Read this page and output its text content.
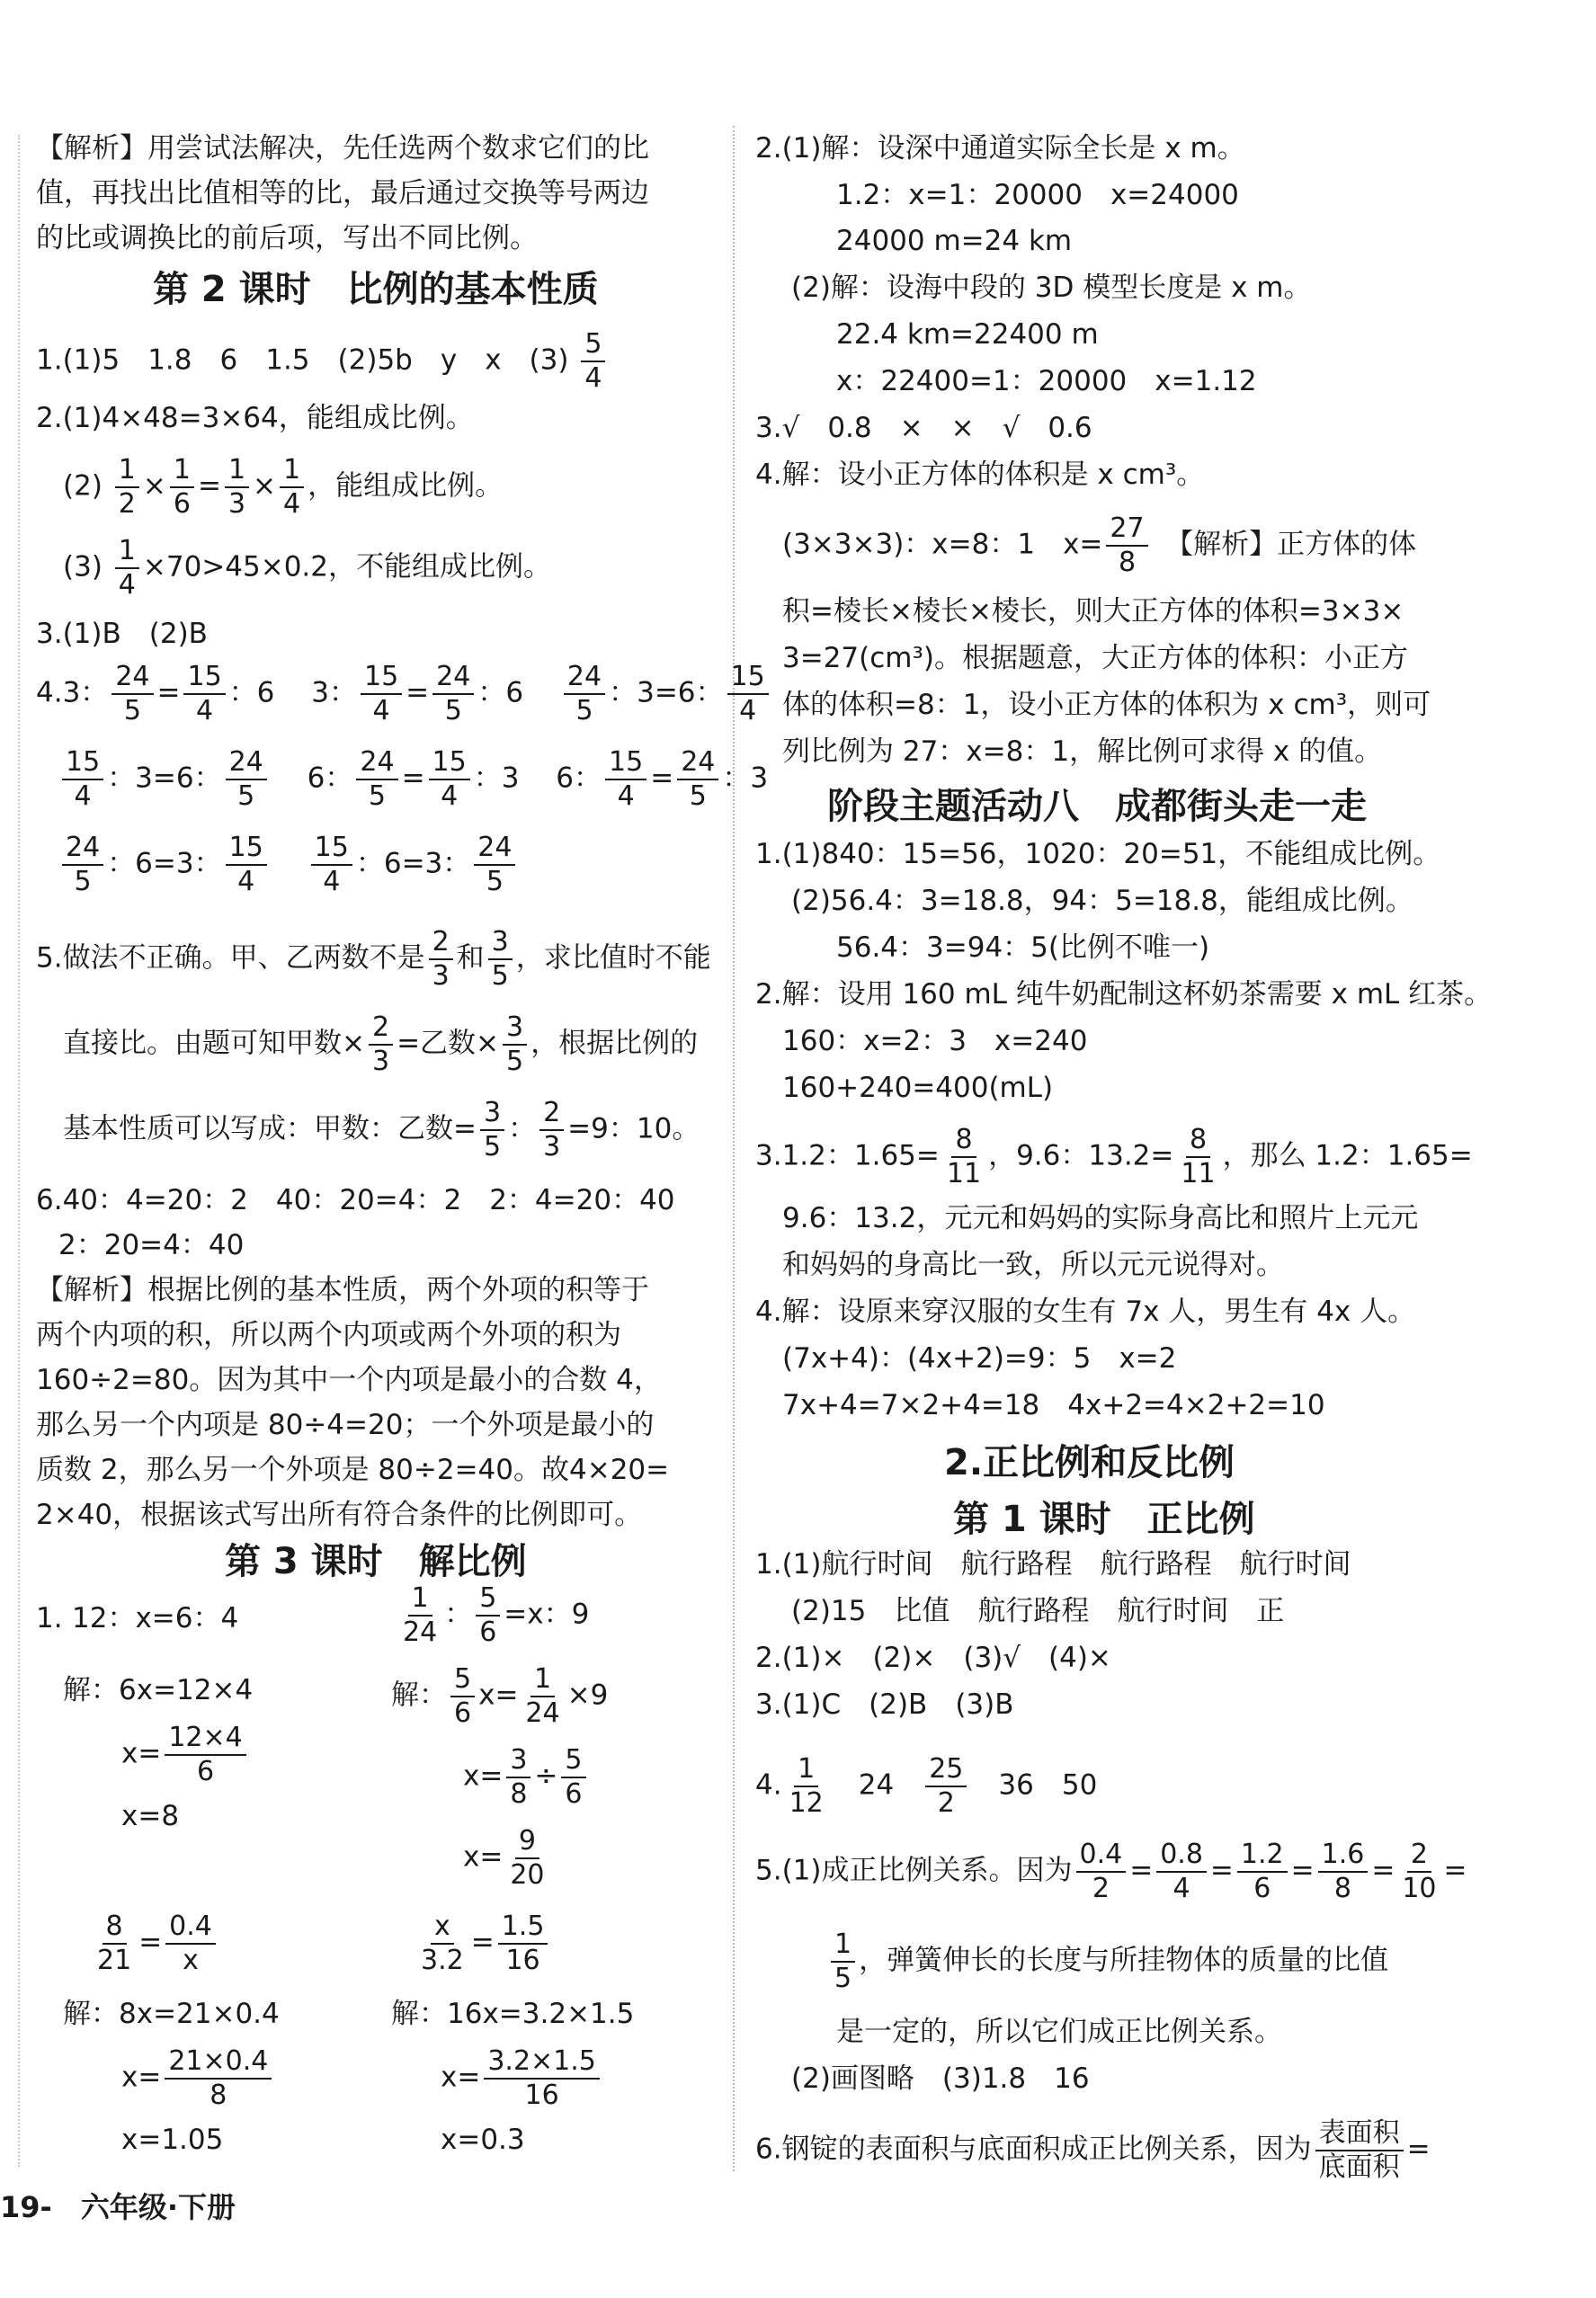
【解析】用尝试法解决，先任选两个数求它们的比
值，再找出比值相等的比，最后通过交换等号两边
的比或调换比的前后项，写出不同比例。
第 2 课时　比例的基本性质
1.(1)5　1.8　6　1.5　(2)5b　y　x　$(3) \frac{5}{4}$
2.(1)4×48=3×64，能组成比例。
$(2) \frac{1}{2} \times \frac{1}{6} = \frac{1}{3} \times \frac{1}{4}$ ，能组成比例。
$(3) \frac{1}{4} \times 70>45\times 0.2$，不能组成比例。
3.(1)B　(2)B
4.3： $\frac{24}{5} = \frac{15}{4}$ ：6　 3： $\frac{15}{4} = \frac{24}{5}$ ：6　 $\frac{24}{5}$ ：3=6： $\frac{15}{4}$
$\frac{15}{4}$ ：3=6： $\frac{24}{5}$ 　 6： $\frac{24}{5} = \frac{15}{4}$ ：3　 6： $\frac{15}{4} = \frac{24}{5}$ ：3
$\frac{24}{5}$ ：6=3： $\frac{15}{4}$
　 $\frac{15}{4}$ ：6=3： $\frac{24}{5}$
5.做法不正确。甲、乙两数不是 $\frac{2}{3}$ 和 $\frac{3}{5}$ ，求比值时不能
直接比。由题可知甲数× $\frac{2}{3}$ =乙数× $\frac{3}{5}$ ，根据比例的
基本性质可以写成：甲数：乙数= $\frac{3}{5}$ ： $\frac{2}{3} =9$：10。
6.40：4=20：2　40：20=4：2　2：4=20：40
2：20=4：40
【解析】根据比例的基本性质，两个外项的积等于
两个内项的积，所以两个内项或两个外项的积为
160÷2=80。因为其中一个内项是最小的合数 4，
那么另一个内项是 80÷4=20；一个外项是最小的
质数 2，那么另一个外项是 80÷2=40。故4×20=
2×40，根据该式写出所有符合条件的比例即可。
第 3 课时　解比例
1. 12：x=6：4
解：6x=12×4
$x= \frac{12\times 4}{6}$
x=8
$\frac{1}{24}$ ： $\frac{5}{6} =x$：9
解： $\frac{5}{6} x= \frac{1}{24} \times 9$
$x= \frac{3}{8} \div \frac{5}{6}$
$x= \frac{9}{20}$
$\frac{8}{21} = \frac{0.4}{x}$
解：8x=21×0.4
$x= \frac{21\times 0.4}{8}$
x=1.05
$\frac{x}{3.2} = \frac{1.5}{16}$
解：16x=3.2×1.5
$x= \frac{3.2\times 1.5}{16}$
x=0.3
2.(1)解：设深中通道实际全长是 x m。
1.2：x=1：20000　x=24000
24000 m=24 km
(2)解：设海中段的 3D 模型长度是 x m。
22.4 km=22400 m
x：22400=1：20000　x=1.12
3.√　0.8　×　×　√　0.6
4.解：设小正方体的体积是 x cm³。
(3×3×3)：x=8：1　$x= \frac{27}{8}$
　 【解析】正方体的体
积=棱长×棱长×棱长，则大正方体的体积=3×3×
3=27(cm³)。根据题意，大正方体的体积：小正方
体的体积=8：1，设小正方体的体积为 x cm³，则可
列比例为 27：x=8：1，解比例可求得 x 的值。
阶段主题活动八　成都街头走一走
1.(1)840：15=56，1020：20=51，不能组成比例。
(2)56.4：3=18.8，94：5=18.8，能组成比例。
56.4：3=94：5(比例不唯一)
2.解：设用 160 mL 纯牛奶配制这杯奶茶需要 x mL 红茶。
160：x=2：3　x=240
160+240=400(mL)
3.1.2：$1.65= \frac{8}{11}$ ，9.6：$13.2= \frac{8}{11}$ ，那么 1.2：1.65=
9.6：13.2，元元和妈妈的实际身高比和照片上元元
和妈妈的身高比一致，所以元元说得对。
4.解：设原来穿汉服的女生有 7x 人，男生有 4x 人。
(7x+4)：(4x+2)=9：5　x=2
7x+4=7×2+4=18　4x+2=4×2+2=10
2.正比例和反比例
第 1 课时　正比例
1.(1)航行时间　航行路程　航行路程　航行时间
(2)15　比值　航行路程　航行时间　正
2.(1)×　(2)×　(3)√　(4)×
3.(1)C　(2)B　(3)B
4. $\frac{1}{12}$
　 24　 $\frac{25}{2}$
　 36　50
5.(1)成正比例关系。因为 $\frac{0.4}{2} = \frac{0.8}{4} = \frac{1.2}{6} = \frac{1.6}{8} = \frac{2}{10}$ =
$\frac{1}{5}$ ，弹簧伸长的长度与所挂物体的质量的比值
是一定的，所以它们成正比例关系。
(2)画图略　(3)1.8　16
6.钢锭的表面积与底面积成正比例关系，因为 $\frac{\text{表面积}}{\text{底面积}}$ =
19-　六年级·下册
